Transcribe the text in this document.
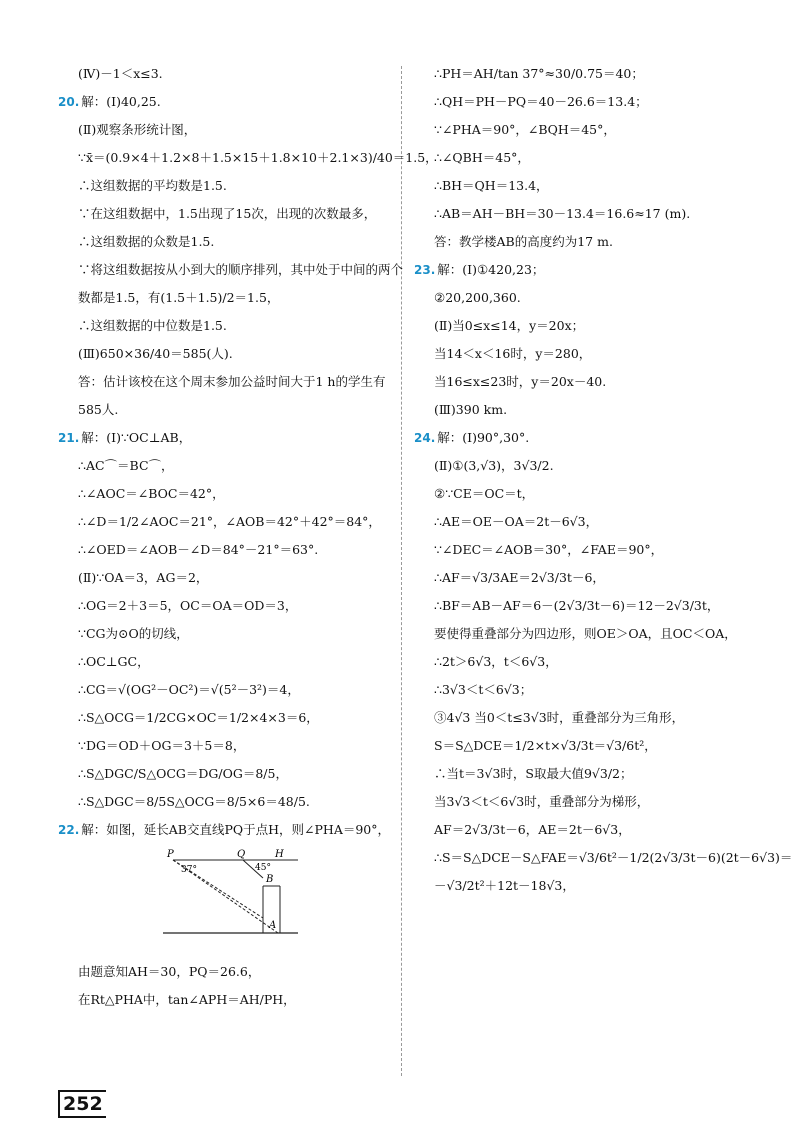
(Ⅳ)－1＜x≤3.
20. 解：(Ⅰ)40,25.
(Ⅱ)观察条形统计图，
∵x̄＝(0.9×4＋1.2×8＋1.5×15＋1.8×10＋2.1×3)/40＝1.5，
∴这组数据的平均数是1.5.
∵在这组数据中，1.5出现了15次，出现的次数最多，
∴这组数据的众数是1.5.
∵将这组数据按从小到大的顺序排列，其中处于中间的两个
数都是1.5，有(1.5＋1.5)/2＝1.5，
∴这组数据的中位数是1.5.
(Ⅲ)650×36/40＝585(人).
答：估计该校在这个周末参加公益时间大于1 h的学生有
585人.
21. 解：(Ⅰ)∵OC⊥AB，
∴AC⌒＝BC⌒，
∴∠AOC＝∠BOC＝42°，
∴∠D＝1/2∠AOC＝21°，∠AOB＝42°＋42°＝84°，
∴∠OED＝∠AOB－∠D＝84°－21°＝63°.
(Ⅱ)∵OA＝3，AG＝2，
∴OG＝2＋3＝5，OC＝OA＝OD＝3，
∵CG为⊙O的切线，
∴OC⊥GC，
∴CG＝√(OG²－OC²)＝√(5²－3²)＝4，
∴S△OCG＝1/2CG×OC＝1/2×4×3＝6，
∵DG＝OD＋OG＝3＋5＝8，
∴S△DGC/S△OCG＝DG/OG＝8/5，
∴S△DGC＝8/5S△OCG＝8/5×6＝48/5.
22. 解：如图，延长AB交直线PQ于点H，则∠PHA＝90°，
P	Q	H
B
A
37°	45°
由题意知AH＝30，PQ＝26.6，
在Rt△PHA中，tan∠APH＝AH/PH，
∴PH＝AH/tan 37°≈30/0.75＝40；
∴QH＝PH－PQ＝40－26.6＝13.4；
∵∠PHA＝90°，∠BQH＝45°，
∴∠QBH＝45°，
∴BH＝QH＝13.4，
∴AB＝AH－BH＝30－13.4＝16.6≈17 (m).
答：教学楼AB的高度约为17 m.
23. 解：(Ⅰ)①420,23；
②20,200,360.
(Ⅱ)当0≤x≤14，y＝20x；
当14＜x＜16时，y＝280，
当16≤x≤23时，y＝20x－40.
(Ⅲ)390 km.
24. 解：(Ⅰ)90°,30°.
(Ⅱ)①(3,√3)，3√3/2.
②∵CE＝OC＝t，
∴AE＝OE－OA＝2t－6√3，
∵∠DEC＝∠AOB＝30°，∠FAE＝90°，
∴AF＝√3/3AE＝2√3/3t－6，
∴BF＝AB－AF＝6－(2√3/3t－6)＝12－2√3/3t，
要使得重叠部分为四边形，则OE＞OA，且OC＜OA，
∴2t＞6√3，t＜6√3，
∴3√3＜t＜6√3；
③4√3 当0＜t≤3√3时，重叠部分为三角形，
S＝S△DCE＝1/2×t×√3/3t＝√3/6t²，
∴当t＝3√3时，S取最大值9√3/2；
当3√3＜t＜6√3时，重叠部分为梯形，
AF＝2√3/3t－6，AE＝2t－6√3，
∴S＝S△DCE－S△FAE＝√3/6t²－1/2(2√3/3t－6)(2t－6√3)＝
－√3/2t²＋12t－18√3，
252
